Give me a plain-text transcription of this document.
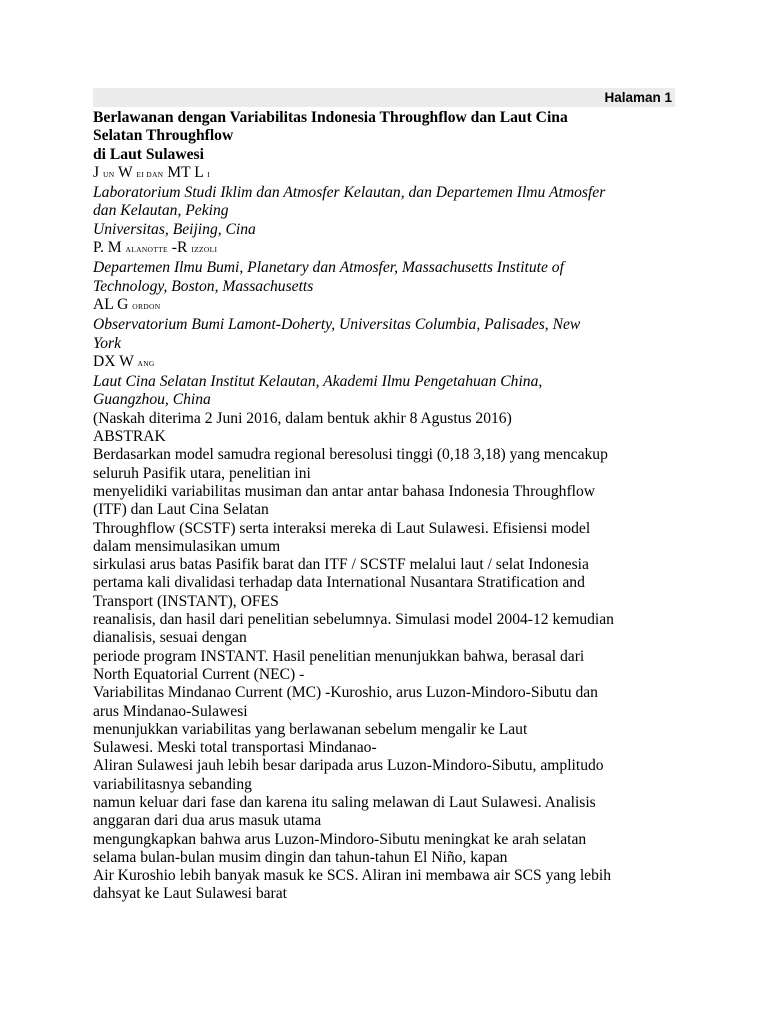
Halaman 1
Berlawanan dengan Variabilitas Indonesia Throughflow dan Laut Cina
Selatan Throughflow
di Laut Sulawesi
J UN W EI DAN MT L I
Laboratorium Studi Iklim dan Atmosfer Kelautan, dan Departemen Ilmu Atmosfer
dan Kelautan, Peking
Universitas, Beijing, Cina
P. M ALANOTTE -R IZZOLI
Departemen Ilmu Bumi, Planetary dan Atmosfer, Massachusetts Institute of
Technology, Boston, Massachusetts
AL G ORDON
Observatorium Bumi Lamont-Doherty, Universitas Columbia, Palisades, New
York
DX W ANG
Laut Cina Selatan Institut Kelautan, Akademi Ilmu Pengetahuan China,
Guangzhou, China
(Naskah diterima 2 Juni 2016, dalam bentuk akhir 8 Agustus 2016)
ABSTRAK
Berdasarkan model samudra regional beresolusi tinggi (0,18 3,18) yang mencakup
seluruh Pasifik utara, penelitian ini
menyelidiki variabilitas musiman dan antar antar bahasa Indonesia Throughflow
(ITF) dan Laut Cina Selatan
Throughflow (SCSTF) serta interaksi mereka di Laut Sulawesi. Efisiensi model
dalam mensimulasikan umum
sirkulasi arus batas Pasifik barat dan ITF / SCSTF melalui laut / selat Indonesia
pertama kali divalidasi terhadap data International Nusantara Stratification and
Transport (INSTANT), OFES
reanalisis, dan hasil dari penelitian sebelumnya. Simulasi model 2004-12 kemudian
dianalisis, sesuai dengan
periode program INSTANT. Hasil penelitian menunjukkan bahwa, berasal dari
North Equatorial Current (NEC) -
Variabilitas Mindanao Current (MC) -Kuroshio, arus Luzon-Mindoro-Sibutu dan
arus Mindanao-Sulawesi
menunjukkan variabilitas yang berlawanan sebelum mengalir ke Laut
Sulawesi. Meski total transportasi Mindanao-
Aliran Sulawesi jauh lebih besar daripada arus Luzon-Mindoro-Sibutu, amplitudo
variabilitasnya sebanding
namun keluar dari fase dan karena itu saling melawan di Laut Sulawesi. Analisis
anggaran dari dua arus masuk utama
mengungkapkan bahwa arus Luzon-Mindoro-Sibutu meningkat ke arah selatan
selama bulan-bulan musim dingin dan tahun-tahun El Niño, kapan
Air Kuroshio lebih banyak masuk ke SCS. Aliran ini membawa air SCS yang lebih
dahsyat ke Laut Sulawesi barat
